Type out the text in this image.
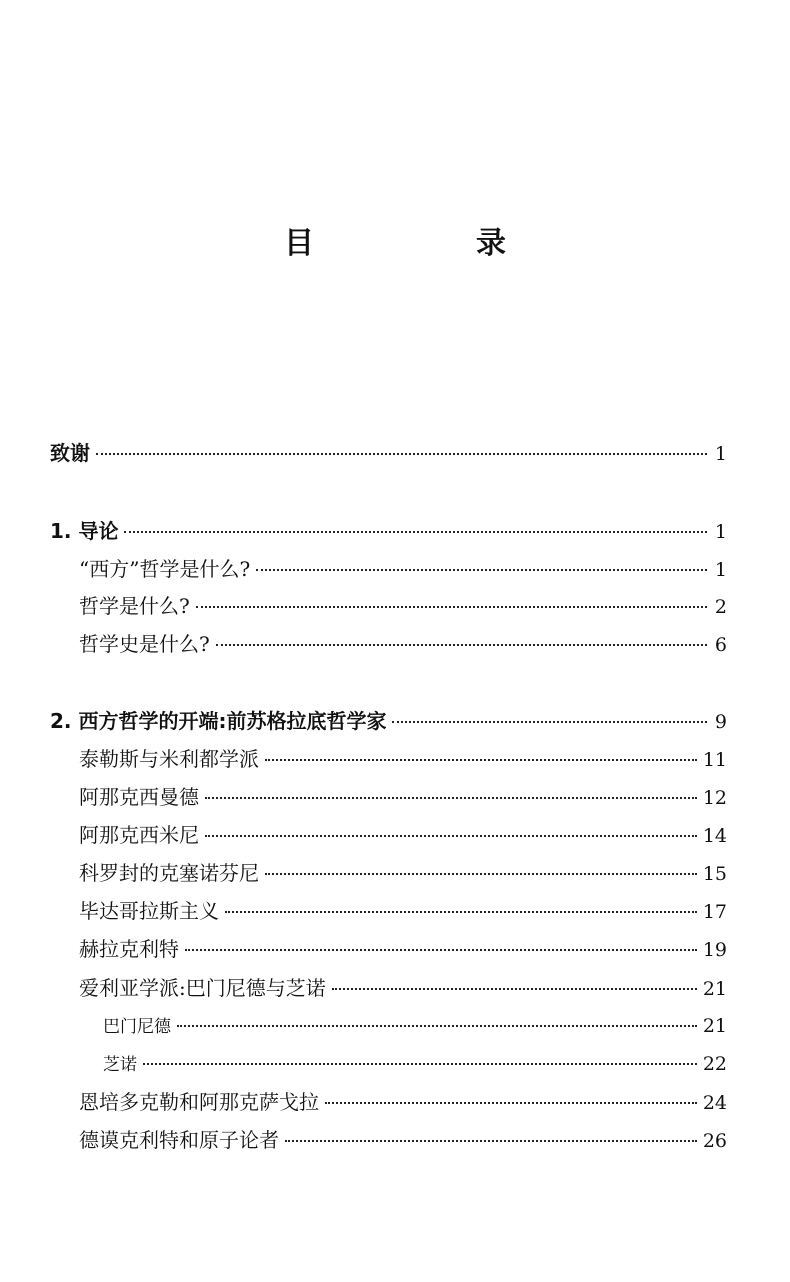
目　录
致谢	1
1. 导论	1
“西方”哲学是什么?	1
哲学是什么?	2
哲学史是什么?	6
2. 西方哲学的开端:前苏格拉底哲学家	9
泰勒斯与米利都学派	11
阿那克西曼德	12
阿那克西米尼	14
科罗封的克塞诺芬尼	15
毕达哥拉斯主义	17
赫拉克利特	19
爱利亚学派:巴门尼德与芝诺	21
巴门尼德	21
芝诺	22
恩培多克勒和阿那克萨戈拉	24
德谟克利特和原子论者	26
